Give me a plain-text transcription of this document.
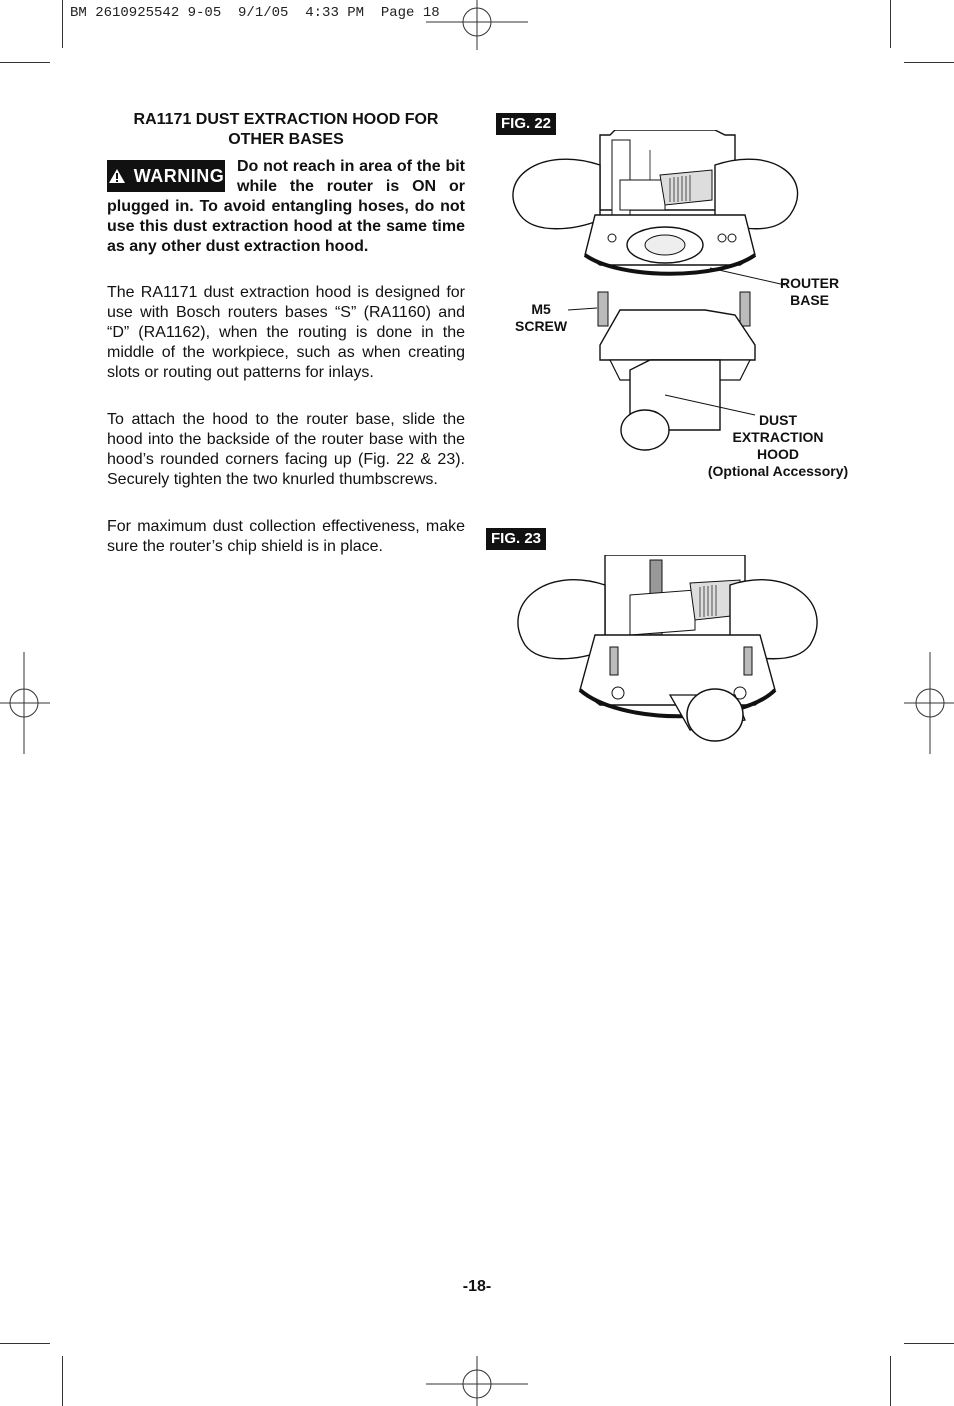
BM 2610925542 9-05  9/1/05  4:33 PM  Page 18
RA1171 DUST EXTRACTION HOOD FOR OTHER BASES
WARNING Do not reach in area of the bit while the router is ON or plugged in. To avoid entangling hoses, do not use this dust extraction hood at the same time as any other dust extraction hood.
The RA1171 dust extraction hood is designed for use with Bosch routers bases “S” (RA1160) and “D” (RA1162), when the routing is done in the middle of the workpiece, such as when creating slots or routing out patterns for inlays.
To attach the hood to the router base, slide the hood into the backside of the router base with the hood’s rounded corners facing up (Fig. 22 & 23). Securely tighten the two knurled thumbscrews.
For maximum dust collection effectiveness, make sure the router’s chip shield is in place.
FIG. 22
ROUTER
BASE
M5
SCREW
DUST
EXTRACTION
HOOD
(Optional Accessory)
FIG. 23
-18-
